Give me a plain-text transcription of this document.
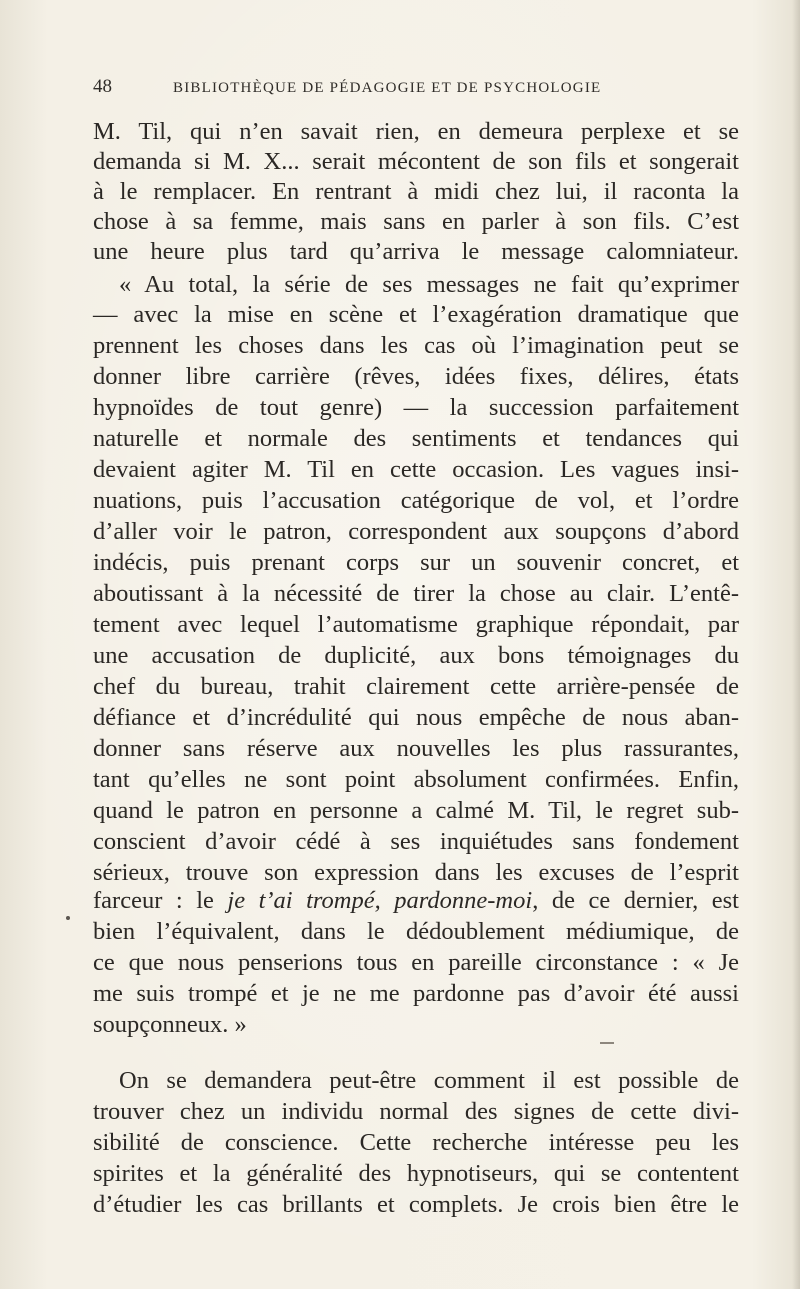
48	BIBLIOTHÈQUE DE PÉDAGOGIE ET DE PSYCHOLOGIE
M. Til, qui n’en savait rien, en demeura perplexe et se
demanda si M. X... serait mécontent de son fils et songerait
à le remplacer. En rentrant à midi chez lui, il raconta la
chose à sa femme, mais sans en parler à son fils. C’est
une heure plus tard qu’arriva le message calomniateur.
« Au total, la série de ses messages ne fait qu’exprimer
— avec la mise en scène et l’exagération dramatique que
prennent les choses dans les cas où l’imagination peut se
donner libre carrière (rêves, idées fixes, délires, états
hypnoïdes de tout genre) — la succession parfaitement
naturelle et normale des sentiments et tendances qui
devaient agiter M. Til en cette occasion. Les vagues insi-
nuations, puis l’accusation catégorique de vol, et l’ordre
d’aller voir le patron, correspondent aux soupçons d’abord
indécis, puis prenant corps sur un souvenir concret, et
aboutissant à la nécessité de tirer la chose au clair. L’entê-
tement avec lequel l’automatisme graphique répondait, par
une accusation de duplicité, aux bons témoignages du
chef du bureau, trahit clairement cette arrière-pensée de
défiance et d’incrédulité qui nous empêche de nous aban-
donner sans réserve aux nouvelles les plus rassurantes,
tant qu’elles ne sont point absolument confirmées. Enfin,
quand le patron en personne a calmé M. Til, le regret sub-
conscient d’avoir cédé à ses inquiétudes sans fondement
sérieux, trouve son expression dans les excuses de l’esprit
farceur : le je t’ai trompé, pardonne-moi, de ce dernier, est
bien l’équivalent, dans le dédoublement médiumique, de
ce que nous penserions tous en pareille circonstance : « Je
me suis trompé et je ne me pardonne pas d’avoir été aussi
soupçonneux. »
On se demandera peut-être comment il est possible de
trouver chez un individu normal des signes de cette divi-
sibilité de conscience. Cette recherche intéresse peu les
spirites et la généralité des hypnotiseurs, qui se contentent
d’étudier les cas brillants et complets. Je crois bien être le
